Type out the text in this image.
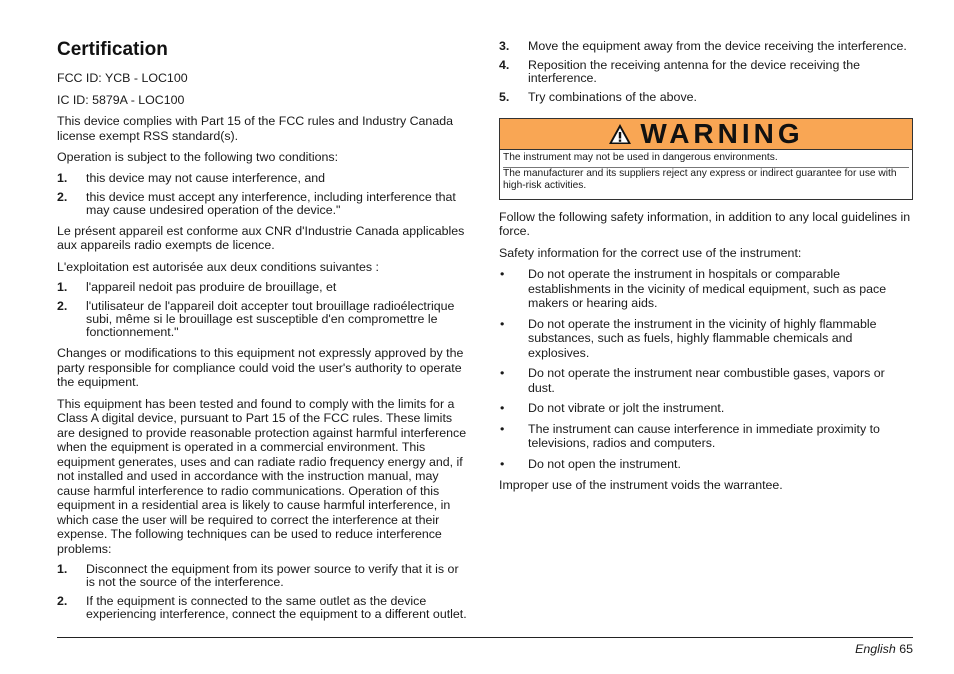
Certification

FCC ID: YCB - LOC100

IC ID: 5879A - LOC100

This device complies with Part 15 of the FCC rules and Industry Canada license exempt RSS standard(s).

Operation is subject to the following two conditions:

1. this device may not cause interference, and
2. this device must accept any interference, including interference that may cause undesired operation of the device."

Le présent appareil est conforme aux CNR d'Industrie Canada applicables aux appareils radio exempts de licence.

L'exploitation est autorisée aux deux conditions suivantes :

1. l'appareil nedoit pas produire de brouillage, et
2. l'utilisateur de l'appareil doit accepter tout brouillage radioélectrique subi, même si le brouillage est susceptible d'en compromettre le fonctionnement."

Changes or modifications to this equipment not expressly approved by the party responsible for compliance could void the user's authority to operate the equipment.

This equipment has been tested and found to comply with the limits for a Class A digital device, pursuant to Part 15 of the FCC rules. These limits are designed to provide reasonable protection against harmful interference when the equipment is operated in a commercial environment. This equipment generates, uses and can radiate radio frequency energy and, if not installed and used in accordance with the instruction manual, may cause harmful interference to radio communications. Operation of this equipment in a residential area is likely to cause harmful interference, in which case the user will be required to correct the interference at their expense. The following techniques can be used to reduce interference problems:

1. Disconnect the equipment from its power source to verify that it is or is not the source of the interference.
2. If the equipment is connected to the same outlet as the device experiencing interference, connect the equipment to a different outlet.
3. Move the equipment away from the device receiving the interference.
4. Reposition the receiving antenna for the device receiving the interference.
5. Try combinations of the above.
WARNING

The instrument may not be used in dangerous environments.

The manufacturer and its suppliers reject any express or indirect guarantee for use with high-risk activities.

Follow the following safety information, in addition to any local guidelines in force.

Safety information for the correct use of the instrument:

• Do not operate the instrument in hospitals or comparable establishments in the vicinity of medical equipment, such as pace makers or hearing aids.
• Do not operate the instrument in the vicinity of highly flammable substances, such as fuels, highly flammable chemicals and explosives.
• Do not operate the instrument near combustible gases, vapors or dust.
• Do not vibrate or jolt the instrument.
• The instrument can cause interference in immediate proximity to televisions, radios and computers.
• Do not open the instrument.

Improper use of the instrument voids the warrantee.

English 65
